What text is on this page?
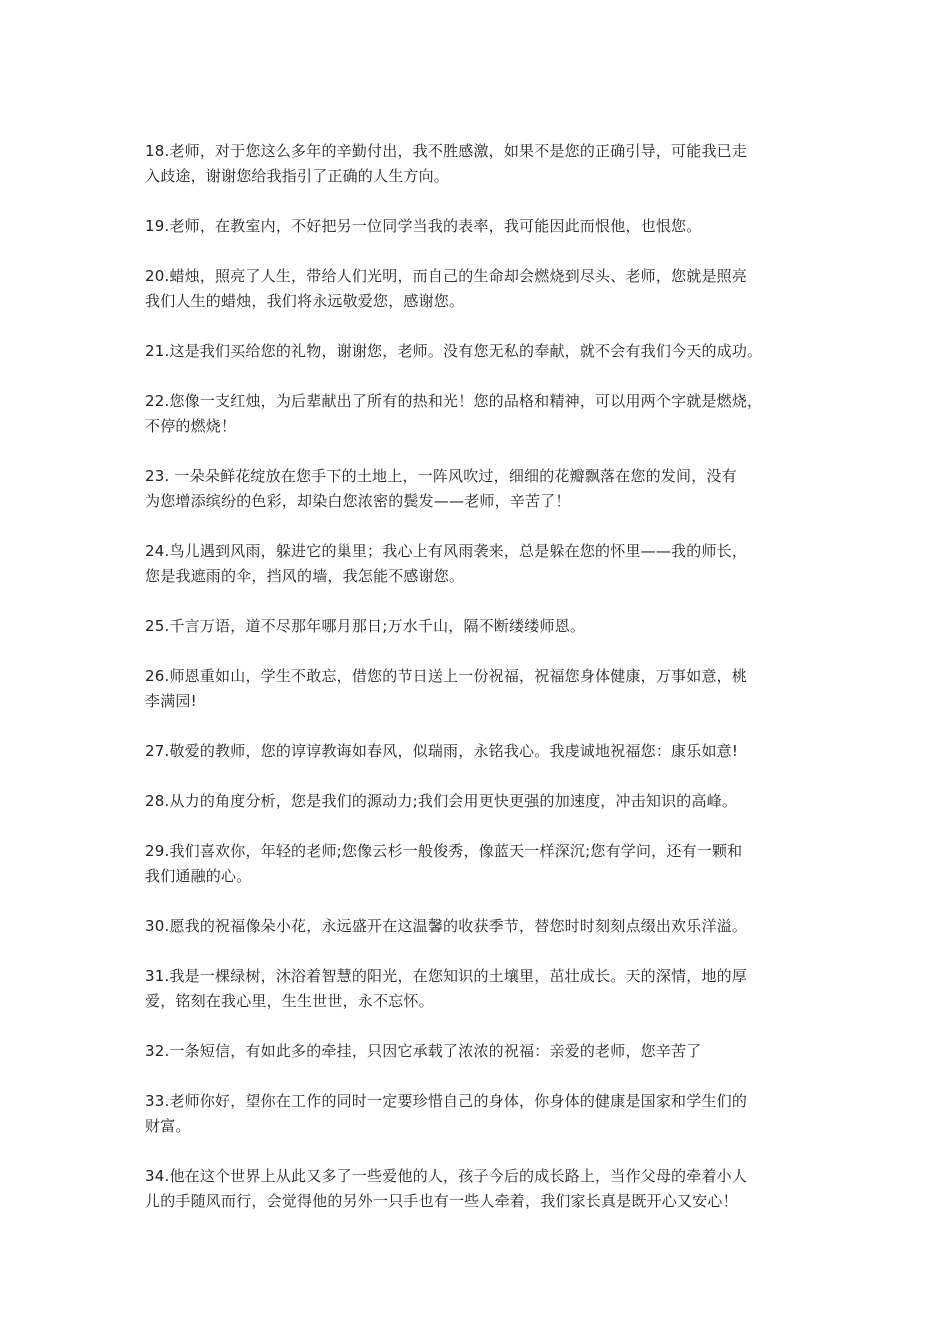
18.老师，对于您这么多年的辛勤付出，我不胜感激，如果不是您的正确引导，可能我已走
入歧途，谢谢您给我指引了正确的人生方向。

19.老师，在教室内，不好把另一位同学当我的表率，我可能因此而恨他，也恨您。

20.蜡烛，照亮了人生，带给人们光明，而自己的生命却会燃烧到尽头、老师，您就是照亮
我们人生的蜡烛，我们将永远敬爱您，感谢您。

21.这是我们买给您的礼物，谢谢您，老师。没有您无私的奉献，就不会有我们今天的成功。

22.您像一支红烛，为后辈献出了所有的热和光！您的品格和精神，可以用两个字就是燃烧，
不停的燃烧！

23. 一朵朵鲜花绽放在您手下的土地上，一阵风吹过，细细的花瓣飘落在您的发间，没有
为您增添缤纷的色彩，却染白您浓密的鬓发——老师，辛苦了！

24.鸟儿遇到风雨，躲进它的巢里；我心上有风雨袭来，总是躲在您的怀里——我的师长，
您是我遮雨的伞，挡风的墙，我怎能不感谢您。

25.千言万语，道不尽那年哪月那日;万水千山，隔不断缕缕师恩。

26.师恩重如山，学生不敢忘，借您的节日送上一份祝福，祝福您身体健康，万事如意，桃
李满园!

27.敬爱的教师，您的谆谆教诲如春风，似瑞雨，永铭我心。我虔诚地祝福您：康乐如意!

28.从力的角度分析，您是我们的源动力;我们会用更快更强的加速度，冲击知识的高峰。

29.我们喜欢你，年轻的老师;您像云杉一般俊秀，像蓝天一样深沉;您有学问，还有一颗和
我们通融的心。

30.愿我的祝福像朵小花，永远盛开在这温馨的收获季节，替您时时刻刻点缀出欢乐洋溢。

31.我是一棵绿树，沐浴着智慧的阳光，在您知识的土壤里，茁壮成长。天的深情，地的厚
爱，铭刻在我心里，生生世世，永不忘怀。

32.一条短信，有如此多的牵挂，只因它承载了浓浓的祝福：亲爱的老师，您辛苦了

33.老师你好，望你在工作的同时一定要珍惜自己的身体，你身体的健康是国家和学生们的
财富。

34.他在这个世界上从此又多了一些爱他的人，孩子今后的成长路上，当作父母的牵着小人
儿的手随风而行，会觉得他的另外一只手也有一些人牵着，我们家长真是既开心又安心！
